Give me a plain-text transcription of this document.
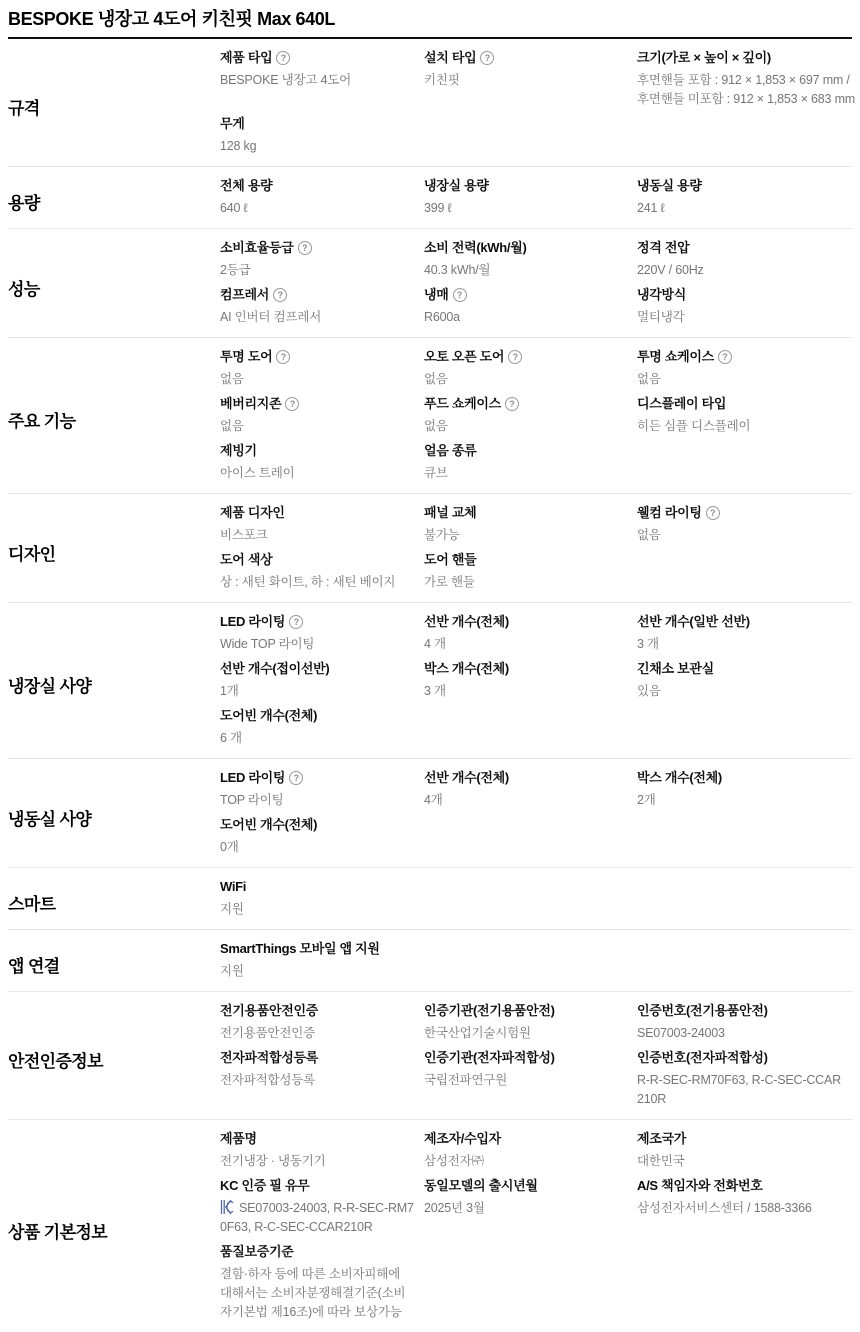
BESPOKE 냉장고 4도어 키친핏 Max 640L
규격
제품 타입 ?
BESPOKE 냉장고 4도어
설치 타입 ?
키친핏
크기(가로 × 높이 × 깊이)
후면핸들 포함 : 912 × 1,853 × 697 mm /
후면핸들 미포함 : 912 × 1,853 × 683 mm
무게
128 kg
용량
전체 용량
640 ℓ
냉장실 용량
399 ℓ
냉동실 용량
241 ℓ
성능
소비효율등급 ?
2등급
소비 전력(kWh/월)
40.3 kWh/월
정격 전압
220V / 60Hz
컴프레서 ?
AI 인버터 컴프레서
냉매 ?
R600a
냉각방식
멀티냉각
주요 기능
투명 도어 ?
없음
오토 오픈 도어 ?
없음
투명 쇼케이스 ?
없음
베버리지존 ?
없음
푸드 쇼케이스 ?
없음
디스플레이 타입
히든 심플 디스플레이
제빙기
아이스 트레이
얼음 종류
큐브
디자인
제품 디자인
비스포크
패널 교체
불가능
웰컴 라이팅 ?
없음
도어 색상
상 : 새틴 화이트, 하 : 새틴 베이지
도어 핸들
가로 핸들
냉장실 사양
LED 라이팅 ?
Wide TOP 라이팅
선반 개수(전체)
4 개
선반 개수(일반 선반)
3 개
선반 개수(접이선반)
1개
박스 개수(전체)
3 개
긴채소 보관실
있음
도어빈 개수(전체)
6 개
냉동실 사양
LED 라이팅 ?
TOP 라이팅
선반 개수(전체)
4개
박스 개수(전체)
2개
도어빈 개수(전체)
0개
스마트
WiFi
지원
앱 연결
SmartThings 모바일 앱 지원
지원
안전인증정보
전기용품안전인증
전기용품안전인증
인증기관(전기용품안전)
한국산업기술시험원
인증번호(전기용품안전)
SE07003-24003
전자파적합성등록
전자파적합성등록
인증기관(전자파적합성)
국립전파연구원
인증번호(전자파적합성)
R-R-SEC-RM70F63, R-C-SEC-CCAR210R
상품 기본정보
제품명
전기냉장 · 냉동기기
제조자/수입자
삼성전자㈜
제조국가
대한민국
KC 인증 필 유무
SE07003-24003, R-R-SEC-RM70F63, R-C-SEC-CCAR210R
동일모델의 출시년월
2025년 3월
A/S 책임자와 전화번호
삼성전자서비스센터 / 1588-3366
품질보증기준
결함·하자 등에 따른 소비자피해에 대해서는 소비자분쟁해결기준(소비자기본법 제16조)에 따라 보상가능
